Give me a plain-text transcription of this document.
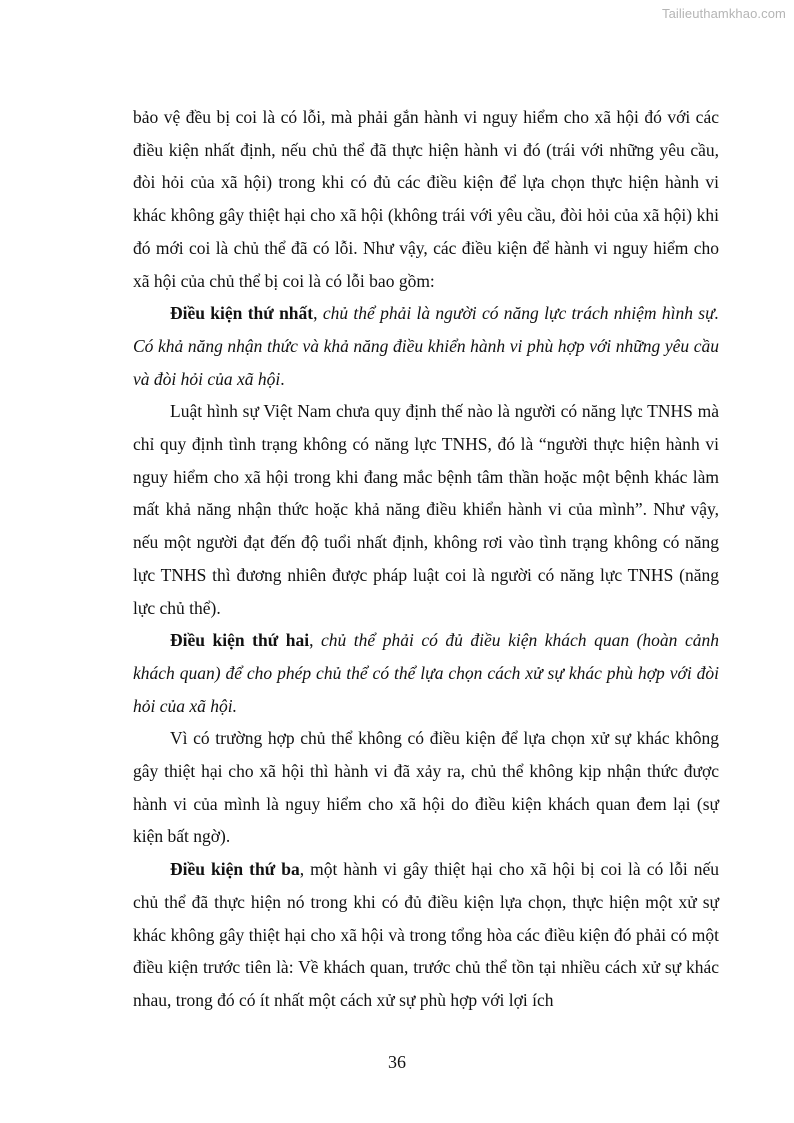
Tailieuthamkhao.com

bảo vệ đều bị coi là có lỗi, mà phải gắn hành vi nguy hiểm cho xã hội đó với các điều kiện nhất định, nếu chủ thể đã thực hiện hành vi đó (trái với những yêu cầu, đòi hỏi của xã hội) trong khi có đủ các điều kiện để lựa chọn thực hiện hành vi khác không gây thiệt hại cho xã hội (không trái với yêu cầu, đòi hỏi của xã hội) khi đó mới coi là chủ thể đã có lỗi. Như vậy, các điều kiện để hành vi nguy hiểm cho xã hội của chủ thể bị coi là có lỗi bao gồm:

Điều kiện thứ nhất, chủ thể phải là người có năng lực trách nhiệm hình sự. Có khả năng nhận thức và khả năng điều khiển hành vi phù hợp với những yêu cầu và đòi hỏi của xã hội.

Luật hình sự Việt Nam chưa quy định thế nào là người có năng lực TNHS mà chỉ quy định tình trạng không có năng lực TNHS, đó là “người thực hiện hành vi nguy hiểm cho xã hội trong khi đang mắc bệnh tâm thần hoặc một bệnh khác làm mất khả năng nhận thức hoặc khả năng điều khiển hành vi của mình”. Như vậy, nếu một người đạt đến độ tuổi nhất định, không rơi vào tình trạng không có năng lực TNHS thì đương nhiên được pháp luật coi là người có năng lực TNHS (năng lực chủ thể).

Điều kiện thứ hai, chủ thể phải có đủ điều kiện khách quan (hoàn cảnh khách quan) để cho phép chủ thể có thể lựa chọn cách xử sự khác phù hợp với đòi hỏi của xã hội.

Vì có trường hợp chủ thể không có điều kiện để lựa chọn xử sự khác không gây thiệt hại cho xã hội thì hành vi đã xảy ra, chủ thể không kịp nhận thức được hành vi của mình là nguy hiểm cho xã hội do điều kiện khách quan đem lại (sự kiện bất ngờ).

Điều kiện thứ ba, một hành vi gây thiệt hại cho xã hội bị coi là có lỗi nếu chủ thể đã thực hiện nó trong khi có đủ điều kiện lựa chọn, thực hiện một xử sự khác không gây thiệt hại cho xã hội và trong tổng hòa các điều kiện đó phải có một điều kiện trước tiên là: Về khách quan, trước chủ thể tồn tại nhiều cách xử sự khác nhau, trong đó có ít nhất một cách xử sự phù hợp với lợi ích

36
